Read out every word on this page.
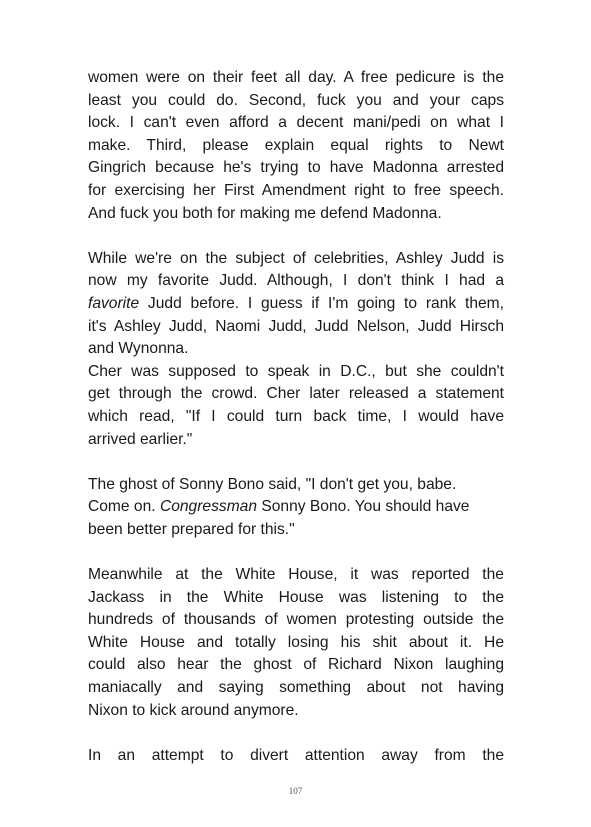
women were on their feet all day. A free pedicure is the
least you could do. Second, fuck you and your caps
lock. I can't even afford a decent mani/pedi on what I
make. Third, please explain equal rights to Newt
Gingrich because he's trying to have Madonna arrested
for exercising her First Amendment right to free speech.
And fuck you both for making me defend Madonna.
While we're on the subject of celebrities, Ashley Judd is
now my favorite Judd. Although, I don't think I had a
favorite Judd before. I guess if I'm going to rank them,
it's Ashley Judd, Naomi Judd, Judd Nelson, Judd Hirsch
and Wynonna.
Cher was supposed to speak in D.C., but she couldn't
get through the crowd. Cher later released a statement
which read, "If I could turn back time, I would have
arrived earlier."
The ghost of Sonny Bono said, "I don't get you, babe.
Come on. Congressman Sonny Bono. You should have
been better prepared for this."
Meanwhile at the White House, it was reported the
Jackass in the White House was listening to the
hundreds of thousands of women protesting outside the
White House and totally losing his shit about it. He
could also hear the ghost of Richard Nixon laughing
maniacally and saying something about not having
Nixon to kick around anymore.
In an attempt to divert attention away from the
107
